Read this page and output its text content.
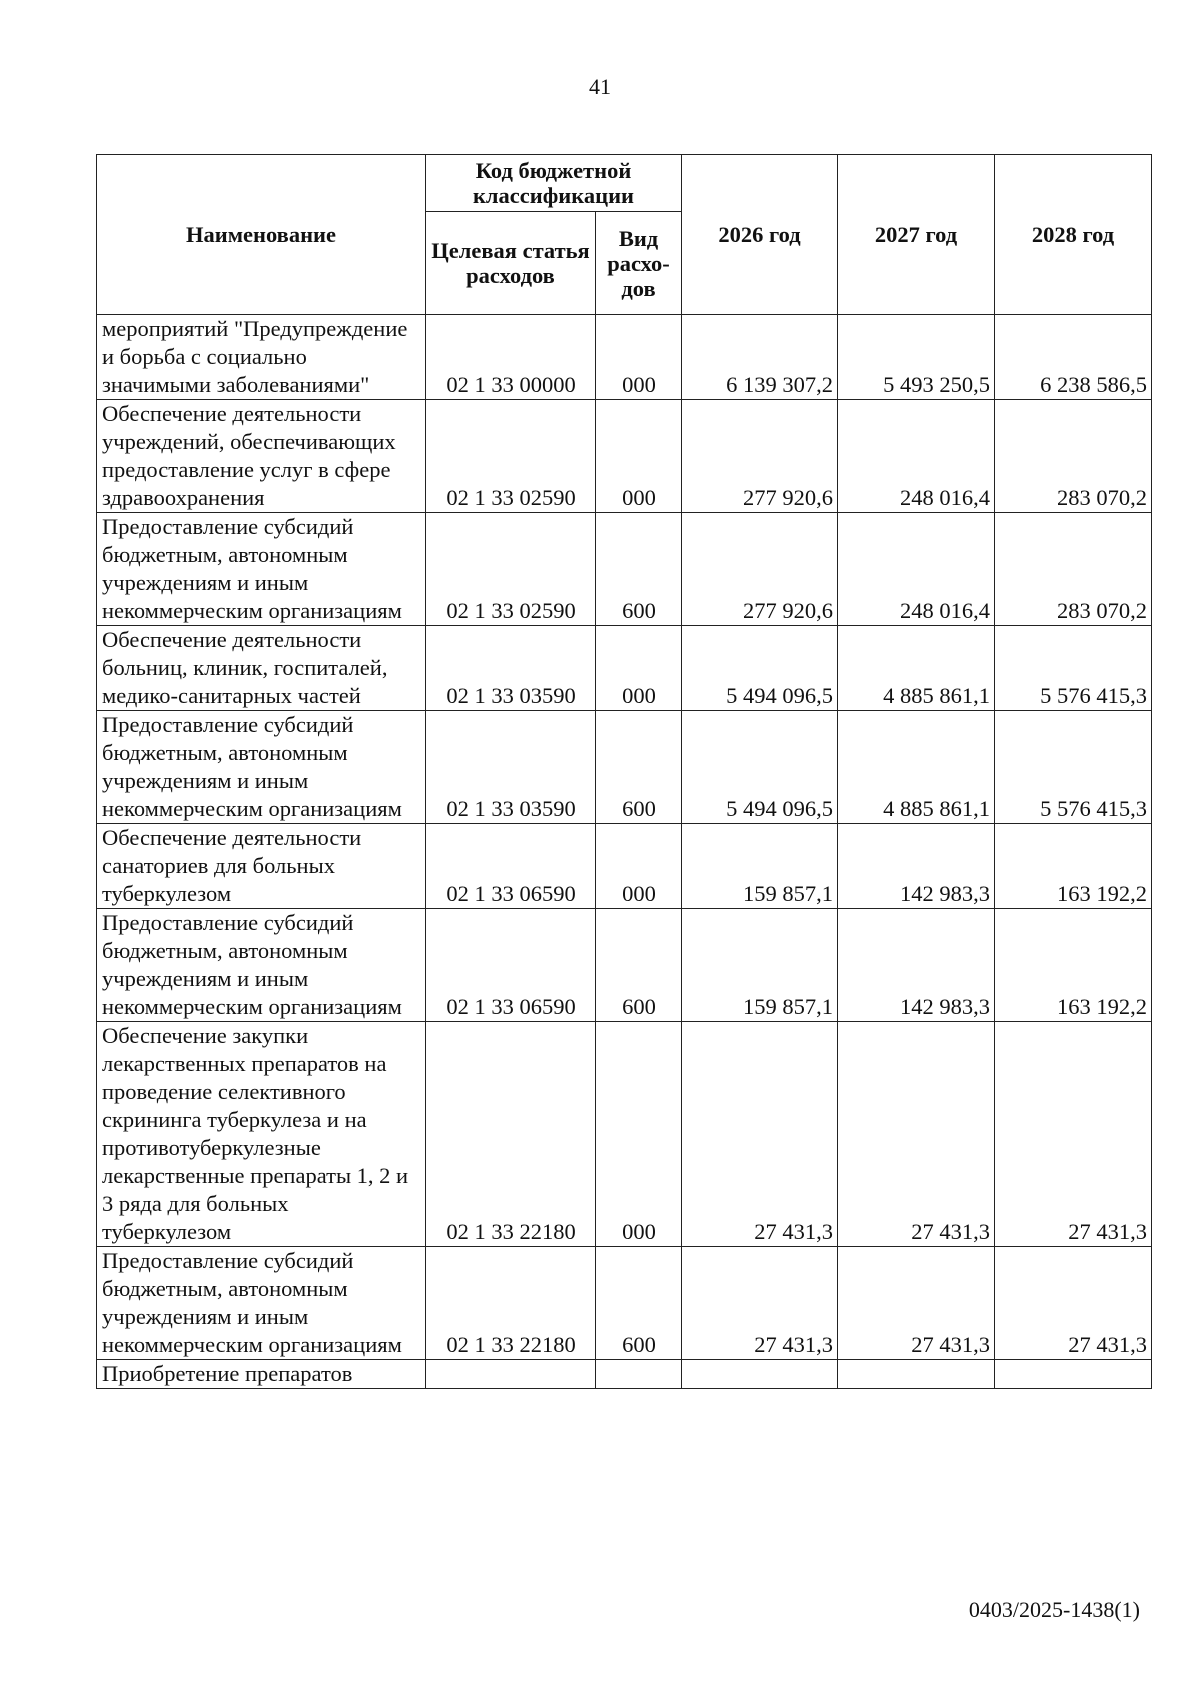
41
Наименование	Код бюджетной классификации		2026 год	2027 год	2028 год
	Целевая статья расходов	Вид расхо-дов			
мероприятий "Предупреждение и борьба с социально значимыми заболеваниями"	02 1 33 00000	000	6 139 307,2	5 493 250,5	6 238 586,5
Обеспечение деятельности учреждений, обеспечивающих предоставление услуг в сфере здравоохранения	02 1 33 02590	000	277 920,6	248 016,4	283 070,2
Предоставление субсидий бюджетным, автономным учреждениям и иным некоммерческим организациям	02 1 33 02590	600	277 920,6	248 016,4	283 070,2
Обеспечение деятельности больниц, клиник, госпиталей, медико-санитарных частей	02 1 33 03590	000	5 494 096,5	4 885 861,1	5 576 415,3
Предоставление субсидий бюджетным, автономным учреждениям и иным некоммерческим организациям	02 1 33 03590	600	5 494 096,5	4 885 861,1	5 576 415,3
Обеспечение деятельности санаториев для больных туберкулезом	02 1 33 06590	000	159 857,1	142 983,3	163 192,2
Предоставление субсидий бюджетным, автономным учреждениям и иным некоммерческим организациям	02 1 33 06590	600	159 857,1	142 983,3	163 192,2
Обеспечение закупки лекарственных препаратов на проведение селективного скрининга туберкулеза и на противотуберкулезные лекарственные препараты 1, 2 и 3 ряда для больных туберкулезом	02 1 33 22180	000	27 431,3	27 431,3	27 431,3
Предоставление субсидий бюджетным, автономным учреждениям и иным некоммерческим организациям	02 1 33 22180	600	27 431,3	27 431,3	27 431,3
Приобретение препаратов					
0403/2025-1438(1)
